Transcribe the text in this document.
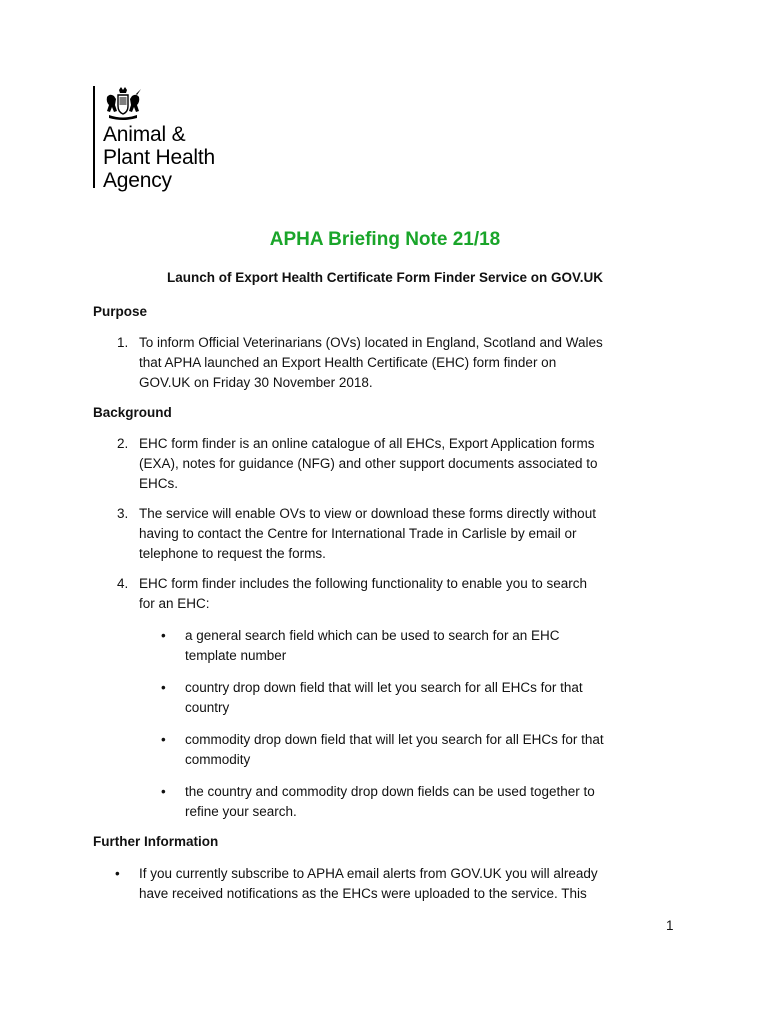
Animal &
Plant Health
Agency
APHA Briefing Note 21/18
Launch of Export Health Certificate Form Finder Service on GOV.UK
Purpose
1. To inform Official Veterinarians (OVs) located in England, Scotland and Wales
that APHA launched an Export Health Certificate (EHC) form finder on
GOV.UK on Friday 30 November 2018.
Background
2. EHC form finder is an online catalogue of all EHCs, Export Application forms
(EXA), notes for guidance (NFG) and other support documents associated to
EHCs.
3. The service will enable OVs to view or download these forms directly without
having to contact the Centre for International Trade in Carlisle by email or
telephone to request the forms.
4. EHC form finder includes the following functionality to enable you to search
for an EHC:
• a general search field which can be used to search for an EHC
template number
• country drop down field that will let you search for all EHCs for that
country
• commodity drop down field that will let you search for all EHCs for that
commodity
• the country and commodity drop down fields can be used together to
refine your search.
Further Information
• If you currently subscribe to APHA email alerts from GOV.UK you will already
have received notifications as the EHCs were uploaded to the service. This
1
